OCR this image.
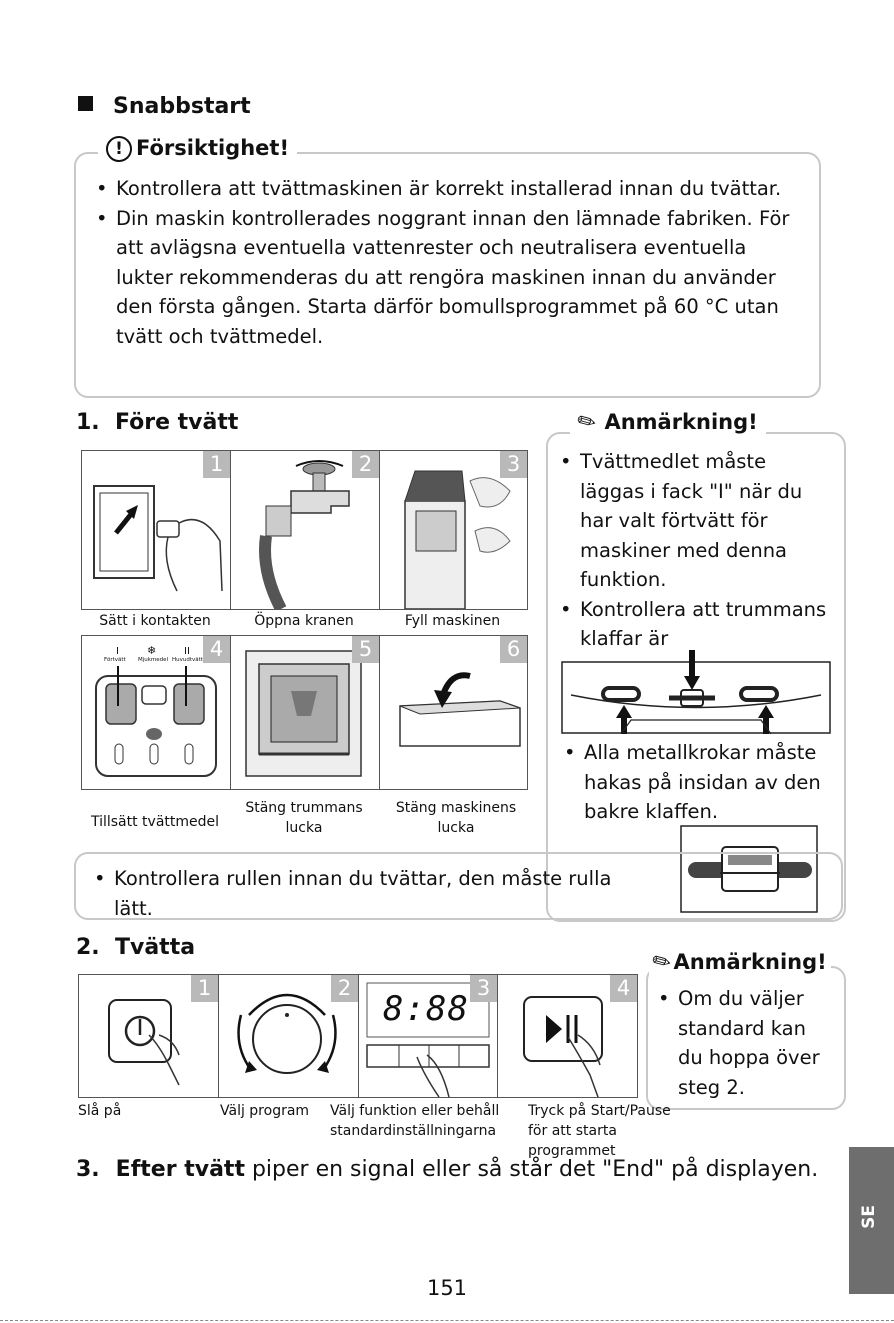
Snabbstart
! Försiktighet!
• Kontrollera att tvättmaskinen är korrekt installerad innan du tvättar.
• Din maskin kontrollerades noggrant innan den lämnade fabriken. För att avlägsna eventuella vattenrester och neutralisera eventuella lukter rekommenderas du att rengöra maskinen innan du använder den första gången. Starta därför bomullsprogrammet på 60 °C utan tvätt och tvättmedel.
1.  Före tvätt	✎ Anmärkning!
• Tvättmedlet måste läggas i fack "I" när du har valt förtvätt för maskiner med denna funktion.
• Kontrollera att trummans klaffar är
• Alla metallkrokar måste hakas på insidan av den bakre klaffen.
1	2	3
Sätt i kontakten	Öppna kranen	Fyll maskinen
4
I	❄	II
Förtvätt Mjukmedel Huvudtvätt	5	6
Tillsätt tvättmedel
Stäng trummans lucka
Stäng maskinens lucka
• Kontrollera rullen innan du tvättar, den måste rulla lätt.
2.  Tvätta	✎Anmärkning!
• Om du väljer standard kan du hoppa över steg 2.
1	2	3
8:88
4
Slå på	Välj program	Välj funktion eller behåll standardinställningarna
Tryck på Start/Pause för att starta programmet
3. Efter tvätt piper en signal eller så står det "End" på displayen.
SE
151
